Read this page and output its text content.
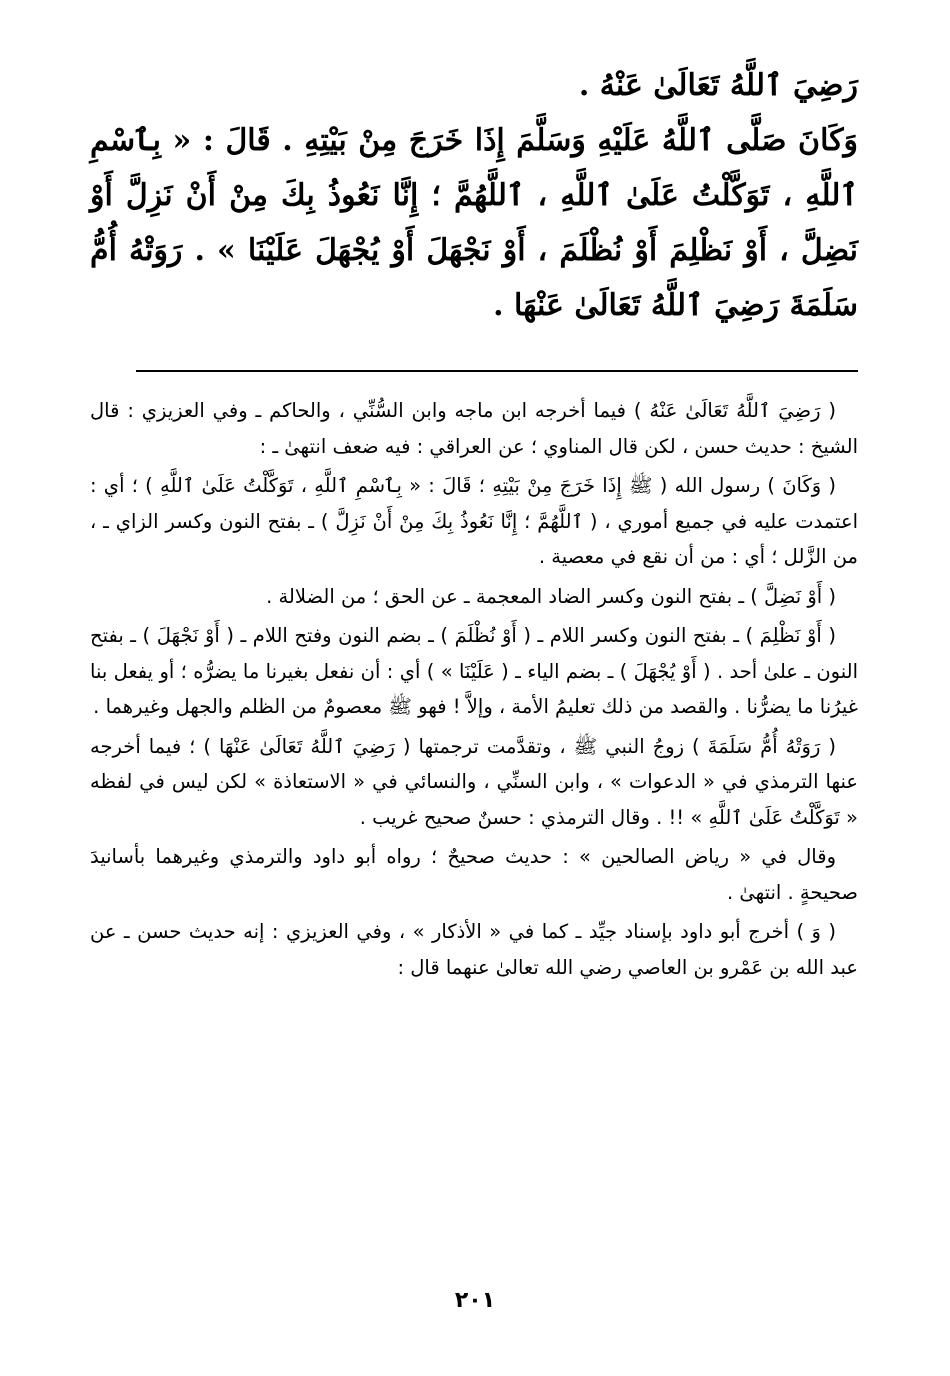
رَضِيَ ٱللَّهُ تَعَالَىٰ عَنْهُ .

وَكَانَ صَلَّى ٱللَّهُ عَلَيْهِ وَسَلَّمَ إِذَا خَرَجَ مِنْ بَيْتِهِ . قَالَ : « بِٱسْمِ ٱللَّهِ ، تَوَكَّلْتُ عَلَىٰ ٱللَّهِ ، ٱللَّهُمَّ ؛ إِنَّا نَعُوذُ بِكَ مِنْ أَنْ نَزِلَّ أَوْ نَضِلَّ ، أَوْ نَظْلِمَ أَوْ نُظْلَمَ ، أَوْ نَجْهَلَ أَوْ يُجْهَلَ عَلَيْنَا » . رَوَتْهُ أُمُّ سَلَمَةَ رَضِيَ ٱللَّهُ تَعَالَىٰ عَنْهَا .

( رَضِيَ ٱللَّهُ تَعَالَىٰ عَنْهُ ) فيما أخرجه ابن ماجه وابن السُّنِّي ، والحاكم ـ وفي العزيزي : قال الشيخ : حديث حسن ، لكن قال المناوي ؛ عن العراقي : فيه ضعف انتهىٰ ـ :

( وَكَانَ ) رسول الله ( ﷺ إِذَا خَرَجَ مِنْ بَيْتِهِ ؛ قَالَ : « بِٱسْمِ ٱللَّهِ ، تَوَكَّلْتُ عَلَىٰ ٱللَّهِ ) ؛ أي : اعتمدت عليه في جميع أموري ، ( ٱللَّهُمَّ ؛ إِنَّا نَعُوذُ بِكَ مِنْ أَنْ نَزِلَّ ) ـ بفتح النون وكسر الزاي ـ ، من الزَّلل ؛ أي : من أن نقع في معصية .

( أَوْ نَضِلَّ ) ـ بفتح النون وكسر الضاد المعجمة ـ عن الحق ؛ من الضلالة .

( أَوْ نَظْلِمَ ) ـ بفتح النون وكسر اللام ـ ( أَوْ نُظْلَمَ ) ـ بضم النون وفتح اللام ـ ( أَوْ نَجْهَلَ ) ـ بفتح النون ـ علىٰ أحد . ( أَوْ يُجْهَلَ ) ـ بضم الياء ـ ( عَلَيْنَا » ) أي : أن نفعل بغيرنا ما يضرُّه ؛ أو يفعل بنا غيرُنا ما يضرُّنا . والقصد من ذلك تعليمُ الأمة ، وإلاَّ ! فهو ﷺ معصومٌ من الظلم والجهل وغيرهما .

( رَوَتْهُ أُمُّ سَلَمَةَ ) زوجُ النبي ﷺ ، وتقدَّمت ترجمتها ( رَضِيَ ٱللَّهُ تَعَالَىٰ عَنْهَا ) ؛ فيما أخرجه عنها الترمذي في « الدعوات » ، وابن السنِّي ، والنسائي في « الاستعاذة » لكن ليس في لفظه « تَوَكَّلْتُ عَلَىٰ ٱللَّهِ » !! . وقال الترمذي : حسنٌ صحيح غريب .

وقال في « رياض الصالحين » : حديث صحيحٌ ؛ رواه أبو داود والترمذي وغيرهما بأسانيدَ صحيحةٍ . انتهىٰ .

( وَ ) أخرج أبو داود بإسناد جيِّد ـ كما في « الأذكار » ، وفي العزيزي : إنه حديث حسن ـ عن عبد الله بن عَمْرو بن العاصي رضي الله تعالىٰ عنهما قال :

٢٠١
